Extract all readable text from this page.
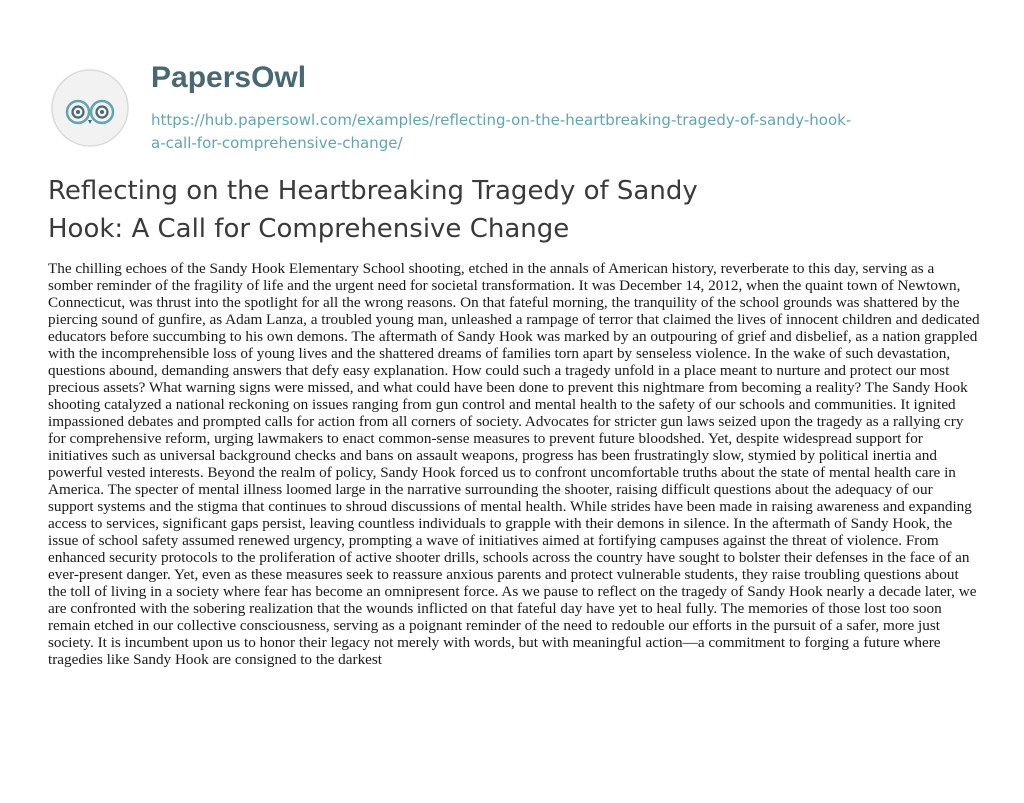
PapersOwl
https://hub.papersowl.com/examples/reflecting-on-the-heartbreaking-tragedy-of-sandy-hook-
a-call-for-comprehensive-change/
Reflecting on the Heartbreaking Tragedy of Sandy
Hook: A Call for Comprehensive Change

The chilling echoes of the Sandy Hook Elementary School shooting, etched in the annals of American history, reverberate to this day, serving as a somber reminder of the fragility of life and the urgent need for societal transformation. It was December 14, 2012, when the quaint town of Newtown, Connecticut, was thrust into the spotlight for all the wrong reasons. On that fateful morning, the tranquility of the school grounds was shattered by the piercing sound of gunfire, as Adam Lanza, a troubled young man, unleashed a rampage of terror that claimed the lives of innocent children and dedicated educators before succumbing to his own demons. The aftermath of Sandy Hook was marked by an outpouring of grief and disbelief, as a nation grappled with the incomprehensible loss of young lives and the shattered dreams of families torn apart by senseless violence. In the wake of such devastation, questions abound, demanding answers that defy easy explanation. How could such a tragedy unfold in a place meant to nurture and protect our most precious assets? What warning signs were missed, and what could have been done to prevent this nightmare from becoming a reality? The Sandy Hook shooting catalyzed a national reckoning on issues ranging from gun control and mental health to the safety of our schools and communities. It ignited impassioned debates and prompted calls for action from all corners of society. Advocates for stricter gun laws seized upon the tragedy as a rallying cry for comprehensive reform, urging lawmakers to enact common-sense measures to prevent future bloodshed. Yet, despite widespread support for initiatives such as universal background checks and bans on assault weapons, progress has been frustratingly slow, stymied by political inertia and powerful vested interests. Beyond the realm of policy, Sandy Hook forced us to confront uncomfortable truths about the state of mental health care in America. The specter of mental illness loomed large in the narrative surrounding the shooter, raising difficult questions about the adequacy of our support systems and the stigma that continues to shroud discussions of mental health. While strides have been made in raising awareness and expanding access to services, significant gaps persist, leaving countless individuals to grapple with their demons in silence. In the aftermath of Sandy Hook, the issue of school safety assumed renewed urgency, prompting a wave of initiatives aimed at fortifying campuses against the threat of violence. From enhanced security protocols to the proliferation of active shooter drills, schools across the country have sought to bolster their defenses in the face of an ever-present danger. Yet, even as these measures seek to reassure anxious parents and protect vulnerable students, they raise troubling questions about the toll of living in a society where fear has become an omnipresent force. As we pause to reflect on the tragedy of Sandy Hook nearly a decade later, we are confronted with the sobering realization that the wounds inflicted on that fateful day have yet to heal fully. The memories of those lost too soon remain etched in our collective consciousness, serving as a poignant reminder of the need to redouble our efforts in the pursuit of a safer, more just society. It is incumbent upon us to honor their legacy not merely with words, but with meaningful action—a commitment to forging a future where tragedies like Sandy Hook are consigned to the darkest
